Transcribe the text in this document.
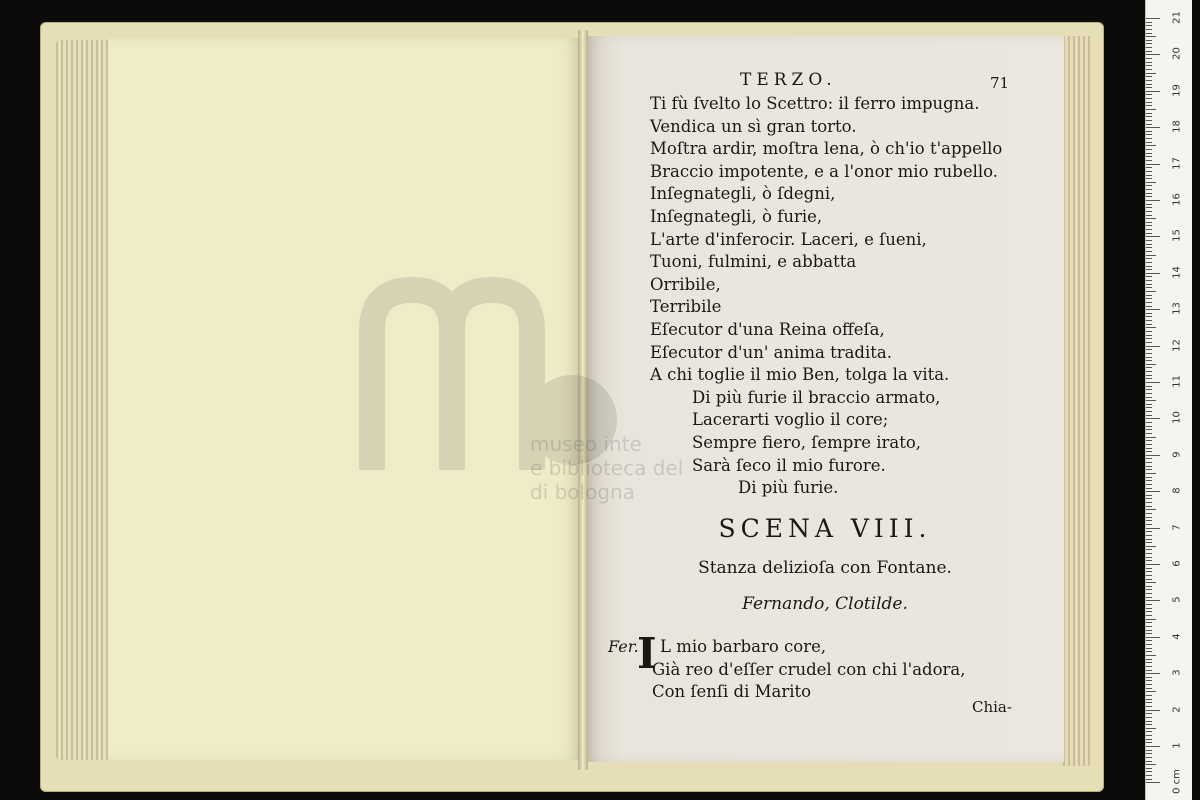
museo inte
e biblioteca del
di bologna
TERZO.	71
Ti fù ſvelto lo Scettro: il ferro impugna.
Vendica un sì gran torto.
Moſtra ardir, moſtra lena, ò ch'io t'appello
Braccio impotente, e a l'onor mio rubello.
Inſegnategli, ò ſdegni,
Inſegnategli, ò furie,
L'arte d'inferocir. Laceri, e ſueni,
Tuoni, fulmini, e abbatta
Orribile,
Terribile
Eſecutor d'una Reina offeſa,
Eſecutor d'un' anima tradita.
A chi toglie il mio Ben, tolga la vita.
Di più furie il braccio armato,
Lacerarti voglio il core;
Sempre fiero, ſempre irato,
Sarà ſeco il mio furore.
Di più furie.
SCENA VIII.
Stanza delizioſa con Fontane.
Fernando, Clotilde.
Fer.
I L mio barbaro core,
Già reo d'eſſer crudel con chi l'adora,
Con ſenſi di Marito
Chia-
21
20
19
18
17
16
15
14
13
12
11
10
9
8
7
6
5
4
3
2
1
0 cm
